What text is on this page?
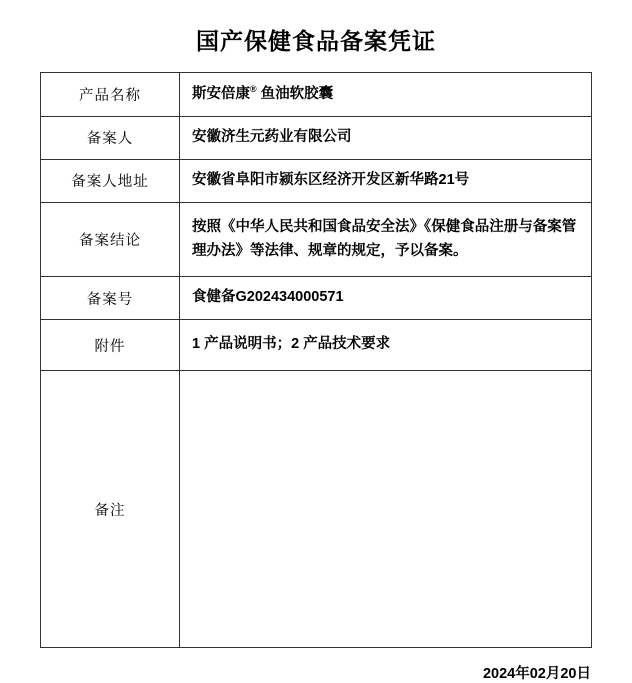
国产保健食品备案凭证
产品名称	斯安倍康® 鱼油软胶囊
备案人	安徽济生元药业有限公司
备案人地址	安徽省阜阳市颍东区经济开发区新华路21号
备案结论	按照《中华人民共和国食品安全法》《保健食品注册与备案管理办法》等法律、规章的规定，予以备案。
备案号	食健备G202434000571
附件	1 产品说明书；2 产品技术要求
备注	
2024年02月20日
